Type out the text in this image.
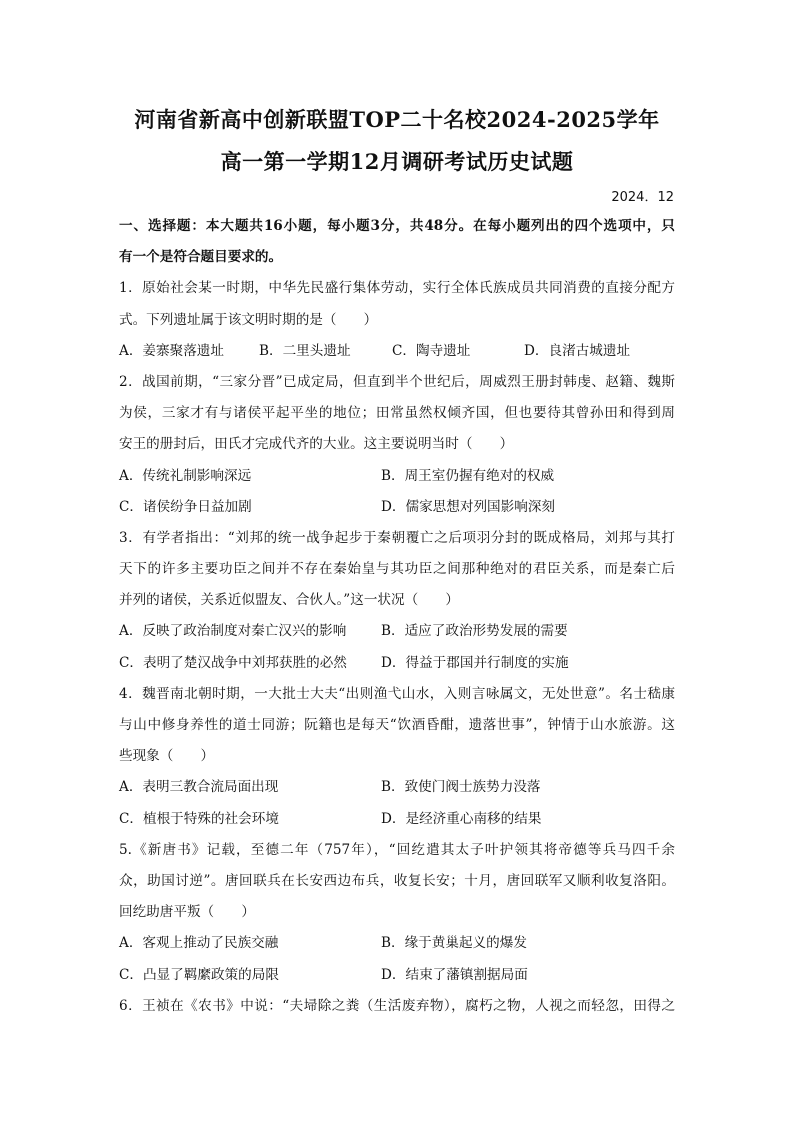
河南省新高中创新联盟TOP二十名校2024-2025学年
高一第一学期12月调研考试历史试题
2024．12
一、选择题：本大题共16小题，每小题3分，共48分。在每小题列出的四个选项中，只
有一个是符合题目要求的。
1．原始社会某一时期，中华先民盛行集体劳动，实行全体氏族成员共同消费的直接分配方
式。下列遗址属于该文明时期的是（　　）
A．姜寨聚落遗址	B．二里头遗址	C．陶寺遗址	D．良渚古城遗址
2．战国前期，“三家分晋”已成定局，但直到半个世纪后，周威烈王册封韩虔、赵籍、魏斯
为侯，三家才有与诸侯平起平坐的地位；田常虽然权倾齐国，但也要待其曾孙田和得到周
安王的册封后，田氏才完成代齐的大业。这主要说明当时（　　）
A．传统礼制影响深远	B．周王室仍握有绝对的权威
C．诸侯纷争日益加剧	D．儒家思想对列国影响深刻
3．有学者指出：“刘邦的统一战争起步于秦朝覆亡之后项羽分封的既成格局，刘邦与其打
天下的许多主要功臣之间并不存在秦始皇与其功臣之间那种绝对的君臣关系，而是秦亡后
并列的诸侯，关系近似盟友、合伙人。”这一状况（　　）
A．反映了政治制度对秦亡汉兴的影响	B．适应了政治形势发展的需要
C．表明了楚汉战争中刘邦获胜的必然	D．得益于郡国并行制度的实施
4．魏晋南北朝时期，一大批士大夫“出则渔弋山水，入则言咏属文，无处世意”。名士嵇康
与山中修身养性的道士同游；阮籍也是每天“饮酒昏酣，遗落世事”，钟情于山水旅游。这
些现象（　　）
A．表明三教合流局面出现	B．致使门阀士族势力没落
C．植根于特殊的社会环境	D．是经济重心南移的结果
5.《新唐书》记载，至德二年（757年），“回纥遣其太子叶护领其将帝德等兵马四千余
众，助国讨逆”。唐回联兵在长安西边布兵，收复长安；十月，唐回联军又顺利收复洛阳。
回纥助唐平叛（　　）
A．客观上推动了民族交融	B．缘于黄巢起义的爆发
C．凸显了羁縻政策的局限	D．结束了藩镇割据局面
6．王祯在《农书》中说：“夫埽除之粪（生活废弃物），腐朽之物，人视之而轻忽，田得之
